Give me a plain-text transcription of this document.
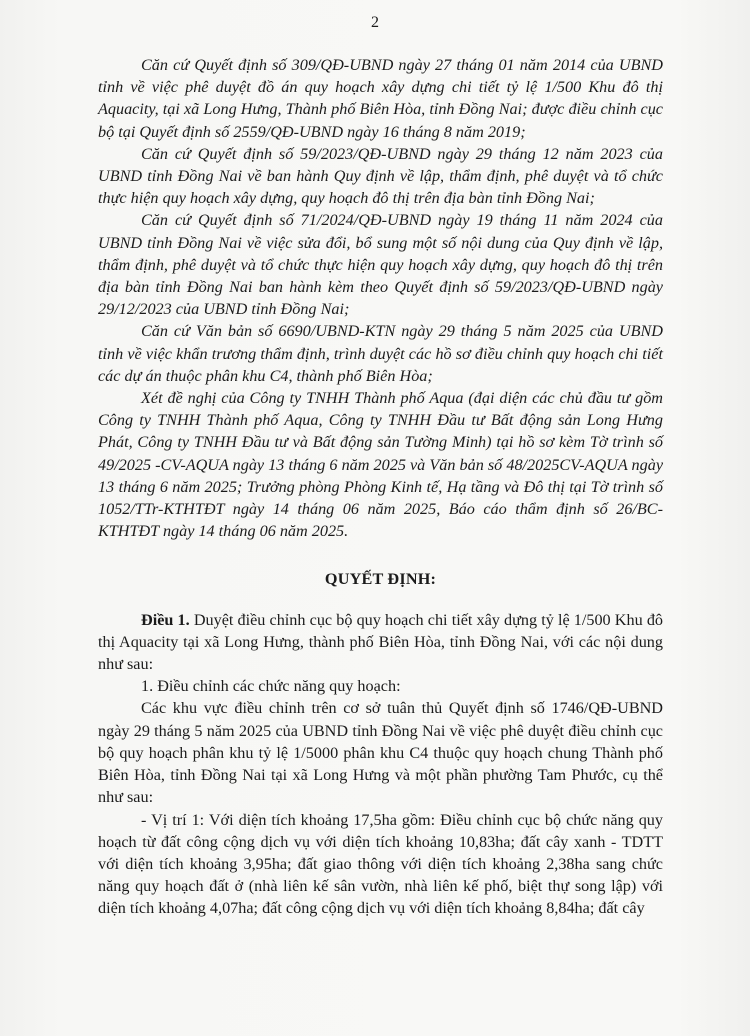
2

Căn cứ Quyết định số 309/QĐ-UBND ngày 27 tháng 01 năm 2014 của UBND tỉnh về việc phê duyệt đồ án quy hoạch xây dựng chi tiết tỷ lệ 1/500 Khu đô thị Aquacity, tại xã Long Hưng, Thành phố Biên Hòa, tỉnh Đồng Nai; được điều chỉnh cục bộ tại Quyết định số 2559/QĐ-UBND ngày 16 tháng 8 năm 2019;

Căn cứ Quyết định số 59/2023/QĐ-UBND ngày 29 tháng 12 năm 2023 của UBND tỉnh Đồng Nai về ban hành Quy định về lập, thẩm định, phê duyệt và tổ chức thực hiện quy hoạch xây dựng, quy hoạch đô thị trên địa bàn tỉnh Đồng Nai;

Căn cứ Quyết định số 71/2024/QĐ-UBND ngày 19 tháng 11 năm 2024 của UBND tỉnh Đồng Nai về việc sửa đổi, bổ sung một số nội dung của Quy định về lập, thẩm định, phê duyệt và tổ chức thực hiện quy hoạch xây dựng, quy hoạch đô thị trên địa bàn tỉnh Đồng Nai ban hành kèm theo Quyết định số 59/2023/QĐ-UBND ngày 29/12/2023 của UBND tỉnh Đồng Nai;

Căn cứ Văn bản số 6690/UBND-KTN ngày 29 tháng 5 năm 2025 của UBND tỉnh về việc khẩn trương thẩm định, trình duyệt các hồ sơ điều chỉnh quy hoạch chi tiết các dự án thuộc phân khu C4, thành phố Biên Hòa;

Xét đề nghị của Công ty TNHH Thành phố Aqua (đại diện các chủ đầu tư gồm Công ty TNHH Thành phố Aqua, Công ty TNHH Đầu tư Bất động sản Long Hưng Phát, Công ty TNHH Đầu tư và Bất động sản Tường Minh) tại hồ sơ kèm Tờ trình số 49/2025 -CV-AQUA ngày 13 tháng 6 năm 2025 và Văn bản số 48/2025CV-AQUA ngày 13 tháng 6 năm 2025; Trưởng phòng Phòng Kinh tế, Hạ tầng và Đô thị tại Tờ trình số 1052/TTr-KTHTĐT ngày 14 tháng 06 năm 2025, Báo cáo thẩm định số 26/BC-KTHTĐT ngày 14 tháng 06 năm 2025.

QUYẾT ĐỊNH:

Điều 1. Duyệt điều chỉnh cục bộ quy hoạch chi tiết xây dựng tỷ lệ 1/500 Khu đô thị Aquacity tại xã Long Hưng, thành phố Biên Hòa, tỉnh Đồng Nai, với các nội dung như sau:

1. Điều chỉnh các chức năng quy hoạch:

Các khu vực điều chỉnh trên cơ sở tuân thủ Quyết định số 1746/QĐ-UBND ngày 29 tháng 5 năm 2025 của UBND tỉnh Đồng Nai về việc phê duyệt điều chỉnh cục bộ quy hoạch phân khu tỷ lệ 1/5000 phân khu C4 thuộc quy hoạch chung Thành phố Biên Hòa, tỉnh Đồng Nai tại xã Long Hưng và một phần phường Tam Phước, cụ thể như sau:

- Vị trí 1: Với diện tích khoảng 17,5ha gồm: Điều chỉnh cục bộ chức năng quy hoạch từ đất công cộng dịch vụ với diện tích khoảng 10,83ha; đất cây xanh - TDTT với diện tích khoảng 3,95ha; đất giao thông với diện tích khoảng 2,38ha sang chức năng quy hoạch đất ở (nhà liên kế sân vườn, nhà liên kế phố, biệt thự song lập) với diện tích khoảng 4,07ha; đất công cộng dịch vụ với diện tích khoảng 8,84ha; đất cây
